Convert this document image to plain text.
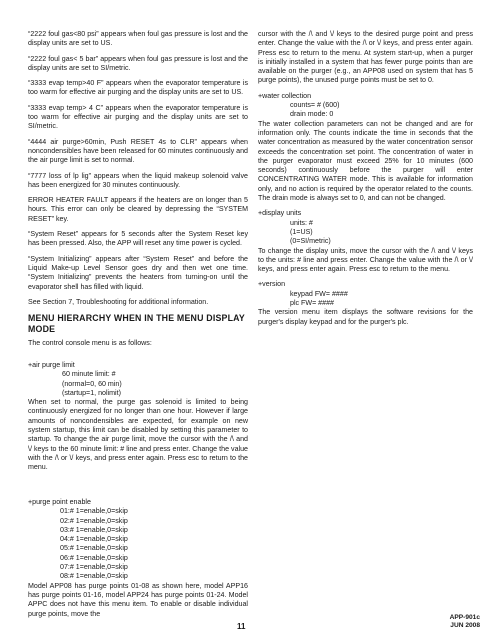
“2222 foul gas<80 psi” appears when foul gas pressure is lost and the display units are set to US.

“2222 foul gas< 5 bar” appears when foul gas pressure is lost and the display units are set to SI/metric.

“3333 evap temp>40 F” appears when the evaporator temperature is too warm for effective air purging and the display units are set to US.

“3333 evap temp> 4 C” appears when the evaporator temperature is too warm for effective air purging and the display units are set to SI/metric.

“4444 air purge>60min, Push RESET 4s to CLR” appears when noncondensibles have been released for 60 minutes continuously and the air purge limit is set to normal.

“7777 loss of lp lig” appears when the liquid makeup solenoid valve has been energized for 30 minutes continuously.

ERROR HEATER FAULT appears if the heaters are on longer than 5 hours. This error can only be cleared by depressing the “SYSTEM RESET” key.

“System Reset” appears for 5 seconds after the System Reset key has been pressed. Also, the APP will reset any time power is cycled.

“System Initializing” appears after “System Reset” and before the Liquid Make-up Level Sensor goes dry and then wet one time. “System Initializing” prevents the heaters from turning-on until the evaporator shell has filled with liquid.

See Section 7, Troubleshooting for additional information.

MENU HIERARCHY WHEN IN THE MENU DISPLAY MODE

The control console menu is as follows:

+air purge limit
60 minute limit: #
(normal=0, 60 min)
(startup=1, nolimit)

When set to normal, the purge gas solenoid is limited to being continuously energized for no longer than one hour. However if large amounts of noncondensibles are expected, for example on new system startup, this limit can be disabled by setting this parameter to startup. To change the air purge limit, move the cursor with the /\ and \/ keys to the 60 minute limit: # line and press enter. Change the value with the /\ or \/ keys, and press enter again. Press esc to return to the menu.

+purge point enable
01:# 1=enable,0=skip
02:# 1=enable,0=skip
03:# 1=enable,0=skip
04:# 1=enable,0=skip
05:# 1=enable,0=skip
06:# 1=enable,0=skip
07:# 1=enable,0=skip
08:# 1=enable,0=skip

Model APP08 has purge points 01-08 as shown here, model APP16 has purge points 01-16, model APP24 has purge points 01-24. Model APPC does not have this menu item. To enable or disable individual purge points, move the

cursor with the /\ and \/ keys to the desired purge point and press enter. Change the value with the /\ or \/ keys, and press enter again. Press esc to return to the menu. At system start-up, when a purger is initially installed in a system that has fewer purge points than are available on the purger (e.g., an APP08 used on system that has 5 purge points), the unused purge points must be set to 0.

+water collection
counts= # (600)
drain mode: 0

The water collection parameters can not be changed and are for information only. The counts indicate the time in seconds that the water concentration as measured by the water concentration sensor exceeds the concentration set point. The concentration of water in the purger evaporator must exceed 25% for 10 minutes (600 seconds) continuously before the purger will enter CONCENTRATING WATER mode. This is available for information only, and no action is required by the operator related to the counts. The drain mode is always set to 0, and can not be changed.

+display units
units: #
(1=US)
(0=SI/metric)

To change the display units, move the cursor with the /\ and \/ keys to the units: # line and press enter. Change the value with the /\ or \/ keys, and press enter again. Press esc to return to the menu.

+version
keypad FW= ####
plc FW= ####

The version menu item displays the software revisions for the purger's display keypad and for the purger's plc.

11
APP-901c
JUN 2008
